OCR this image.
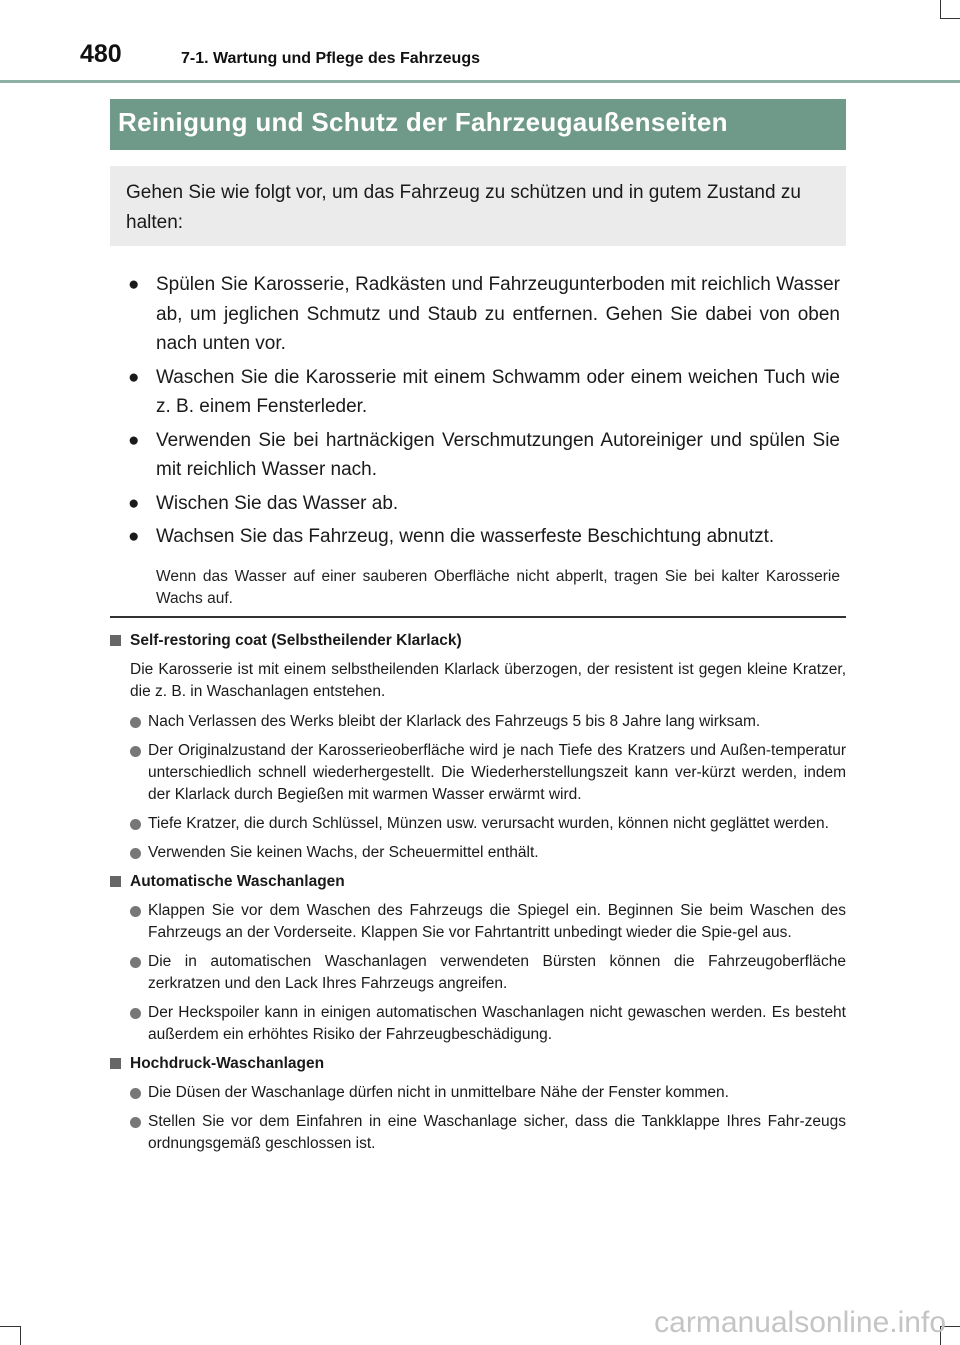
480	7-1. Wartung und Pflege des Fahrzeugs
Reinigung und Schutz der Fahrzeugaußenseiten

Gehen Sie wie folgt vor, um das Fahrzeug zu schützen und in gutem Zustand zu halten:

● Spülen Sie Karosserie, Radkästen und Fahrzeugunterboden mit reichlich Wasser ab, um jeglichen Schmutz und Staub zu entfernen. Gehen Sie dabei von oben nach unten vor.
● Waschen Sie die Karosserie mit einem Schwamm oder einem weichen Tuch wie z. B. einem Fensterleder.
● Verwenden Sie bei hartnäckigen Verschmutzungen Autoreiniger und spülen Sie mit reichlich Wasser nach.
● Wischen Sie das Wasser ab.
● Wachsen Sie das Fahrzeug, wenn die wasserfeste Beschichtung abnutzt.
Wenn das Wasser auf einer sauberen Oberfläche nicht abperlt, tragen Sie bei kalter Karosserie Wachs auf.
Self-restoring coat (Selbstheilender Klarlack)

Die Karosserie ist mit einem selbstheilenden Klarlack überzogen, der resistent ist gegen kleine Kratzer, die z. B. in Waschanlagen entstehen.

Nach Verlassen des Werks bleibt der Klarlack des Fahrzeugs 5 bis 8 Jahre lang wirksam.
Der Originalzustand der Karosserieoberfläche wird je nach Tiefe des Kratzers und Außen-temperatur unterschiedlich schnell wiederhergestellt. Die Wiederherstellungszeit kann ver-kürzt werden, indem der Klarlack durch Begießen mit warmen Wasser erwärmt wird.
Tiefe Kratzer, die durch Schlüssel, Münzen usw. verursacht wurden, können nicht geglättet werden.
Verwenden Sie keinen Wachs, der Scheuermittel enthält.
Automatische Waschanlagen
Klappen Sie vor dem Waschen des Fahrzeugs die Spiegel ein. Beginnen Sie beim Waschen des Fahrzeugs an der Vorderseite. Klappen Sie vor Fahrtantritt unbedingt wieder die Spie-gel aus.
Die in automatischen Waschanlagen verwendeten Bürsten können die Fahrzeugoberfläche zerkratzen und den Lack Ihres Fahrzeugs angreifen.
Der Heckspoiler kann in einigen automatischen Waschanlagen nicht gewaschen werden. Es besteht außerdem ein erhöhtes Risiko der Fahrzeugbeschädigung.
Hochdruck-Waschanlagen
Die Düsen der Waschanlage dürfen nicht in unmittelbare Nähe der Fenster kommen.
Stellen Sie vor dem Einfahren in eine Waschanlage sicher, dass die Tankklappe Ihres Fahr-zeugs ordnungsgemäß geschlossen ist.
carmanualsonline.info
